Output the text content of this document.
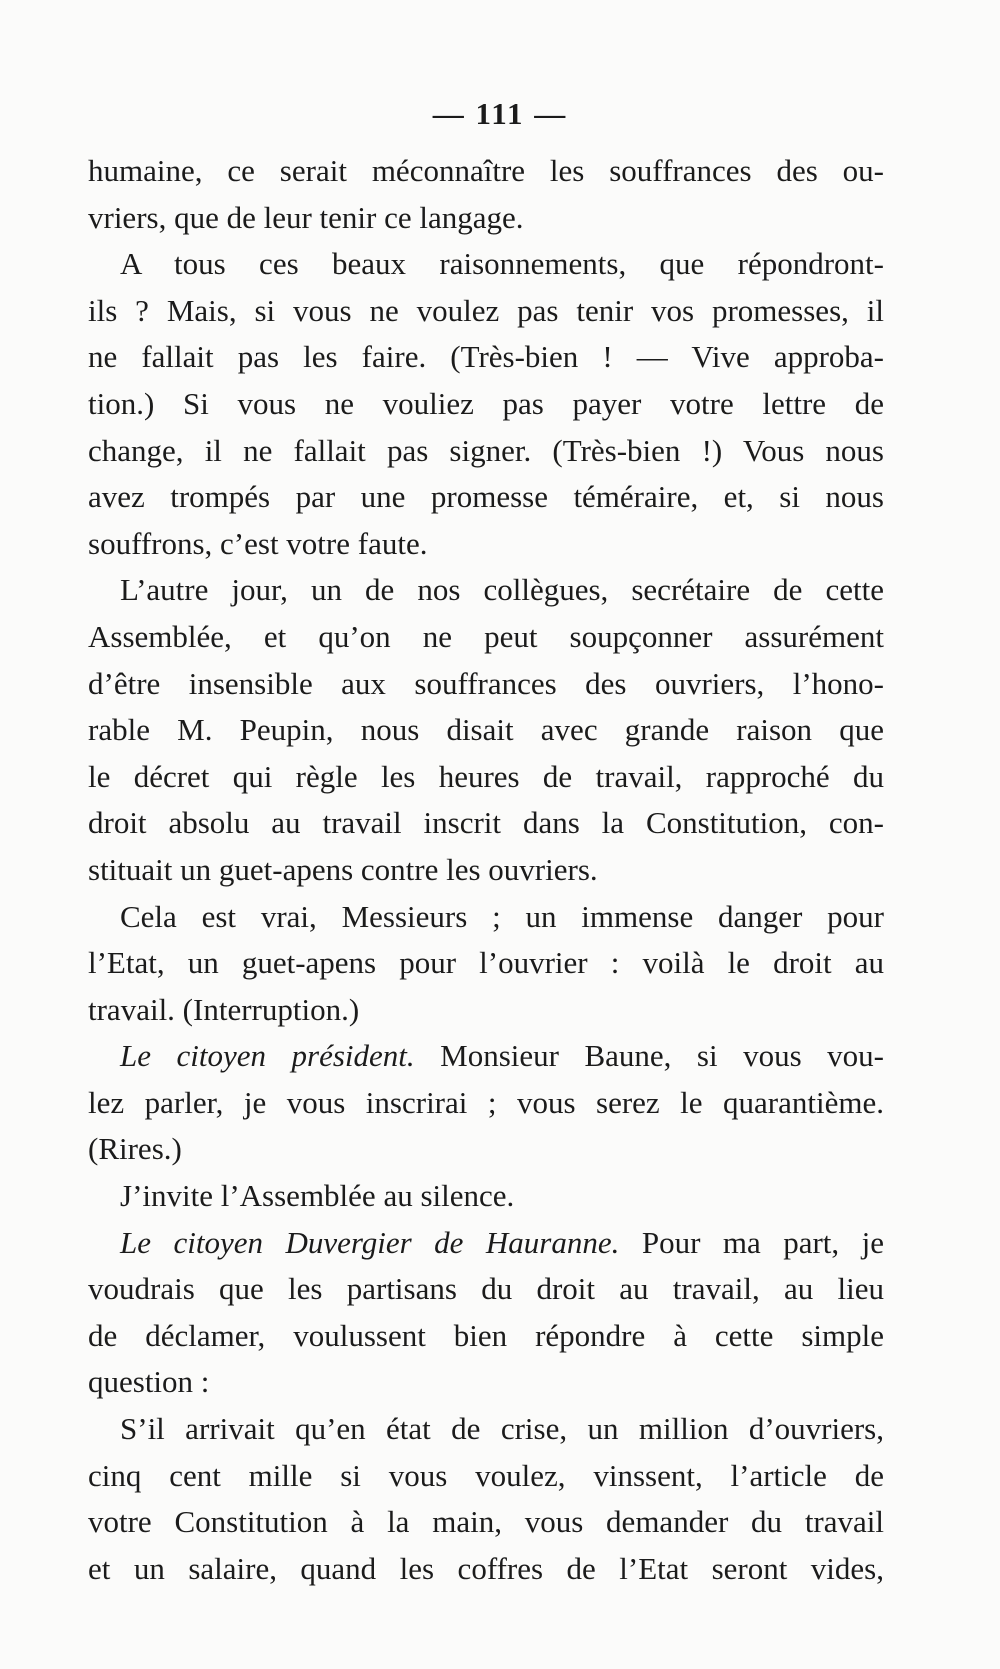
— 111 —
humaine, ce serait méconnaître les souffrances des ou-
vriers, que de leur tenir ce langage.
A tous ces beaux raisonnements, que répondront-
ils ? Mais, si vous ne voulez pas tenir vos promesses, il
ne fallait pas les faire. (Très-bien ! — Vive approba-
tion.) Si vous ne vouliez pas payer votre lettre de
change, il ne fallait pas signer. (Très-bien !) Vous nous
avez trompés par une promesse téméraire, et, si nous
souffrons, c’est votre faute.
L’autre jour, un de nos collègues, secrétaire de cette
Assemblée, et qu’on ne peut soupçonner assurément
d’être insensible aux souffrances des ouvriers, l’hono-
rable M. Peupin, nous disait avec grande raison que
le décret qui règle les heures de travail, rapproché du
droit absolu au travail inscrit dans la Constitution, con-
stituait un guet-apens contre les ouvriers.
Cela est vrai, Messieurs ; un immense danger pour
l’Etat, un guet-apens pour l’ouvrier : voilà le droit au
travail. (Interruption.)
Le citoyen président. Monsieur Baune, si vous vou-
lez parler, je vous inscrirai ; vous serez le quarantième.
(Rires.)
J’invite l’Assemblée au silence.
Le citoyen Duvergier de Hauranne. Pour ma part, je
voudrais que les partisans du droit au travail, au lieu
de déclamer, voulussent bien répondre à cette simple
question :
S’il arrivait qu’en état de crise, un million d’ouvriers,
cinq cent mille si vous voulez, vinssent, l’article de
votre Constitution à la main, vous demander du travail
et un salaire, quand les coffres de l’Etat seront vides,
